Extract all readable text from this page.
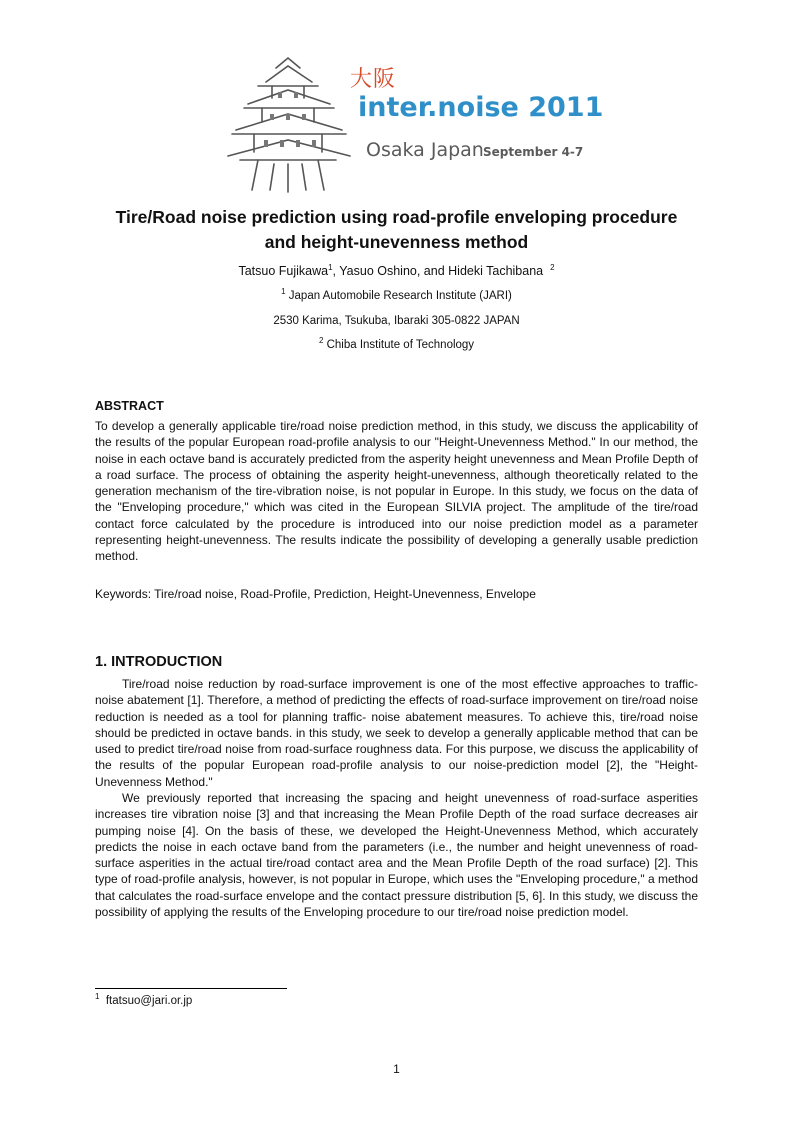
大阪
inter.noise 2011
Osaka Japan September 4-7
Tire/Road noise prediction using road-profile enveloping procedure
and height-unevenness method
Tatsuo Fujikawa$^1$, Yasuo Oshino, and Hideki Tachibana $^2$
$^1$ Japan Automobile Research Institute (JARI)
2530 Karima, Tsukuba, Ibaraki 305-0822 JAPAN
$^2$ Chiba Institute of Technology
ABSTRACT

To develop a generally applicable tire/road noise prediction method, in this study, we discuss the applicability of the results of the popular European road-profile analysis to our "Height-Unevenness Method." In our method, the noise in each octave band is accurately predicted from the asperity height unevenness and Mean Profile Depth of a road surface. The process of obtaining the asperity height-unevenness, although theoretically related to the generation mechanism of the tire-vibration noise, is not popular in Europe. In this study, we focus on the data of the "Enveloping procedure," which was cited in the European SILVIA project. The amplitude of the tire/road contact force calculated by the procedure is introduced into our noise prediction model as a parameter representing height-unevenness. The results indicate the possibility of developing a generally usable prediction method.

Keywords: Tire/road noise, Road-Profile, Prediction, Height-Unevenness, Envelope
1. INTRODUCTION

Tire/road noise reduction by road-surface improvement is one of the most effective approaches to traffic-noise abatement [1]. Therefore, a method of predicting the effects of road-surface improvement on tire/road noise reduction is needed as a tool for planning traffic- noise abatement measures. To achieve this, tire/road noise should be predicted in octave bands. in this study, we seek to develop a generally applicable method that can be used to predict tire/road noise from road-surface roughness data. For this purpose, we discuss the applicability of the results of the popular European road-profile analysis to our noise-prediction model [2], the "Height-Unevenness Method."

We previously reported that increasing the spacing and height unevenness of road-surface asperities increases tire vibration noise [3] and that increasing the Mean Profile Depth of the road surface decreases air pumping noise [4]. On the basis of these, we developed the Height-Unevenness Method, which accurately predicts the noise in each octave band from the parameters (i.e., the number and height unevenness of road-surface asperities in the actual tire/road contact area and the Mean Profile Depth of the road surface) [2]. This type of road-profile analysis, however, is not popular in Europe, which uses the "Enveloping procedure," a method that calculates the road-surface envelope and the contact pressure distribution [5, 6]. In this study, we discuss the possibility of applying the results of the Enveloping procedure to our tire/road noise prediction model.

$^1$ ftatsuo@jari.or.jp
1
